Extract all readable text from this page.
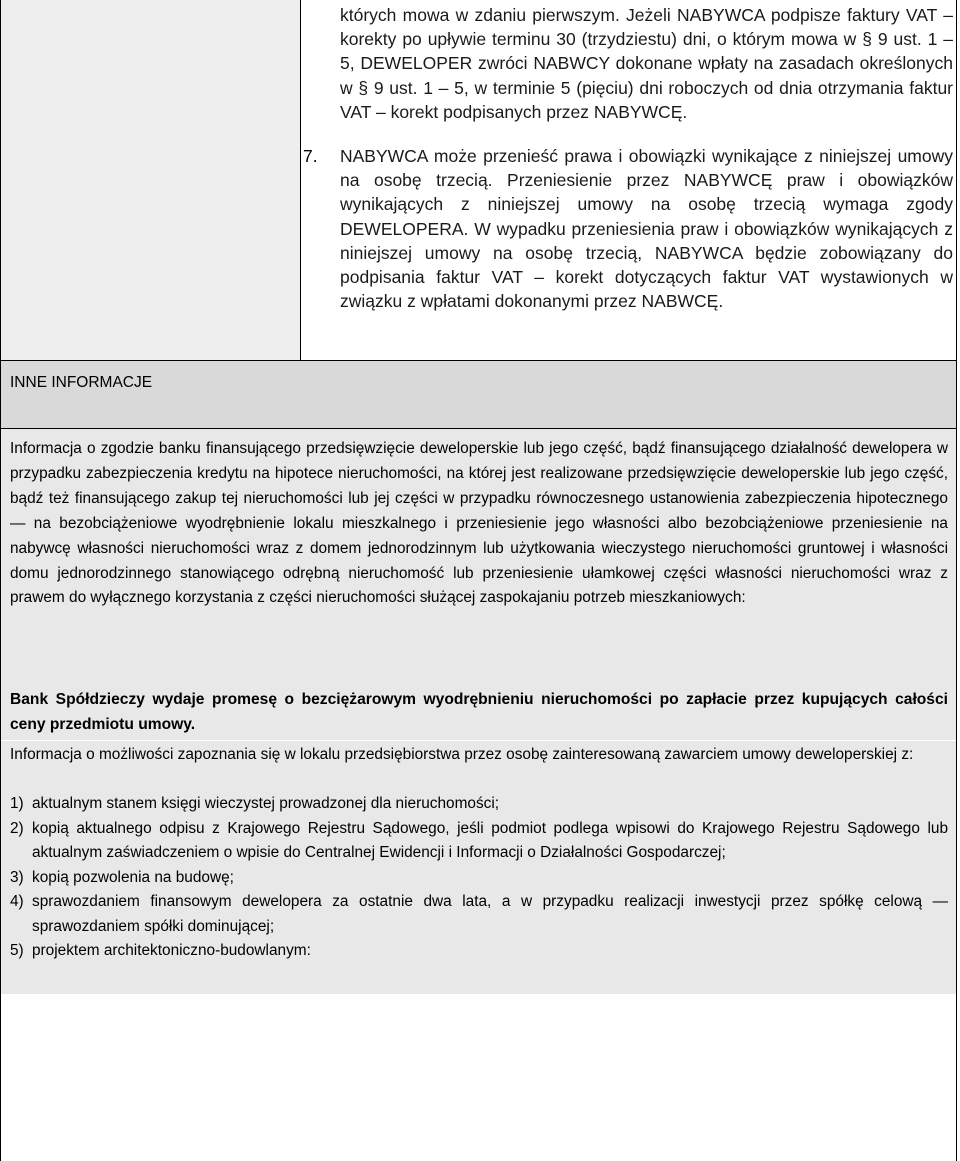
których mowa w zdaniu pierwszym. Jeżeli NABYWCA podpisze faktury VAT – korekty po upływie terminu 30 (trzydziestu) dni, o którym mowa w § 9 ust. 1 – 5, DEWELOPER zwróci NABWCY dokonane wpłaty na zasadach określonych w § 9 ust. 1 – 5, w terminie 5 (pięciu) dni roboczych od dnia otrzymania faktur VAT – korekt podpisanych przez NABYWCĘ.
7. NABYWCA może przenieść prawa i obowiązki wynikające z niniejszej umowy na osobę trzecią. Przeniesienie przez NABYWCĘ praw i obowiązków wynikających z niniejszej umowy na osobę trzecią wymaga zgody DEWELOPERA. W wypadku przeniesienia praw i obowiązków wynikających z niniejszej umowy na osobę trzecią, NABYWCA będzie zobowiązany do podpisania faktur VAT – korekt dotyczących faktur VAT wystawionych w związku z wpłatami dokonanymi przez NABWCĘ.
INNE INFORMACJE
Informacja o zgodzie banku finansującego przedsięwzięcie deweloperskie lub jego część, bądź finansującego działalność dewelopera w przypadku zabezpieczenia kredytu na hipotece nieruchomości, na której jest realizowane przedsięwzięcie deweloperskie lub jego część, bądź też finansującego zakup tej nieruchomości lub jej części w przypadku równoczesnego ustanowienia zabezpieczenia hipotecznego — na bezobciążeniowe wyodrębnienie lokalu mieszkalnego i przeniesienie jego własności albo bezobciążeniowe przeniesienie na nabywcę własności nieruchomości wraz z domem jednorodzinnym lub użytkowania wieczystego nieruchomości gruntowej i własności domu jednorodzinnego stanowiącego odrębną nieruchomość lub przeniesienie ułamkowej części własności nieruchomości wraz z prawem do wyłącznego korzystania z części nieruchomości służącej zaspokajaniu potrzeb mieszkaniowych:
Bank Spółdzieczy wydaje promesę o bezciężarowym wyodrębnieniu nieruchomości po zapłacie przez kupujących całości ceny przedmiotu umowy.
Informacja o możliwości zapoznania się w lokalu przedsiębiorstwa przez osobę zainteresowaną zawarciem umowy deweloperskiej z:
1) aktualnym stanem księgi wieczystej prowadzonej dla nieruchomości;
2) kopią aktualnego odpisu z Krajowego Rejestru Sądowego, jeśli podmiot podlega wpisowi do Krajowego Rejestru Sądowego lub aktualnym zaświadczeniem o wpisie do Centralnej Ewidencji i Informacji o Działalności Gospodarczej;
3) kopią pozwolenia na budowę;
4) sprawozdaniem finansowym dewelopera za ostatnie dwa lata, a w przypadku realizacji inwestycji przez spółkę celową — sprawozdaniem spółki dominującej;
5) projektem architektoniczno-budowlanym:
